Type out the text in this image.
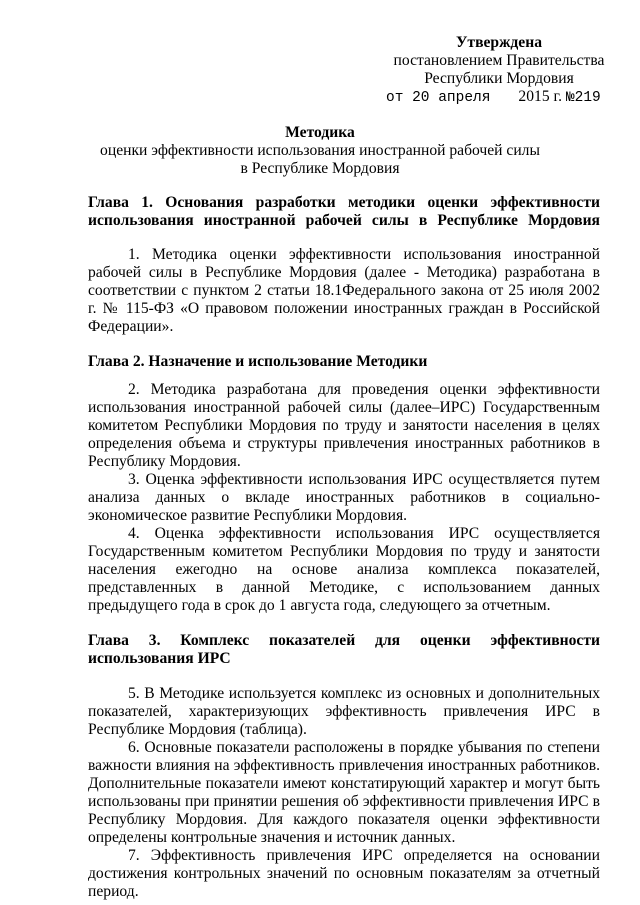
Утверждена
постановлением Правительства
Республики Мордовия
от 20 апреля 2015 г. №219
Методика
оценки эффективности использования иностранной рабочей силы
в Республике Мордовия
Глава 1. Основания разработки методики оценки эффективности использования иностранной рабочей силы в Республике Мордовия

1. Методика оценки эффективности использования иностранной рабочей силы в Республике Мордовия (далее - Методика) разработана в соответствии с пунктом 2 статьи 18.1Федерального закона от 25 июля 2002 г. № 115-ФЗ «О правовом положении иностранных граждан в Российской Федерации».

Глава 2. Назначение и использование Методики

2. Методика разработана для проведения оценки эффективности использования иностранной рабочей силы (далее–ИРС) Государственным комитетом Республики Мордовия по труду и занятости населения в целях определения объема и структуры привлечения иностранных работников в Республику Мордовия.

3. Оценка эффективности использования ИРС осуществляется путем анализа данных о вкладе иностранных работников в социально-экономическое развитие Республики Мордовия.

4. Оценка эффективности использования ИРС осуществляется Государственным комитетом Республики Мордовия по труду и занятости населения ежегодно на основе анализа комплекса показателей, представленных в данной Методике, с использованием данных предыдущего года в срок до 1 августа года, следующего за отчетным.

Глава 3. Комплекс показателей для оценки эффективности использования ИРС

5. В Методике используется комплекс из основных и дополнительных показателей, характеризующих эффективность привлечения ИРС в Республике Мордовия (таблица).

6. Основные показатели расположены в порядке убывания по степени важности влияния на эффективность привлечения иностранных работников. Дополнительные показатели имеют констатирующий характер и могут быть использованы при принятии решения об эффективности привлечения ИРС в Республику Мордовия. Для каждого показателя оценки эффективности определены контрольные значения и источник данных.

7. Эффективность привлечения ИРС определяется на основании достижения контрольных значений по основным показателям за отчетный период.
